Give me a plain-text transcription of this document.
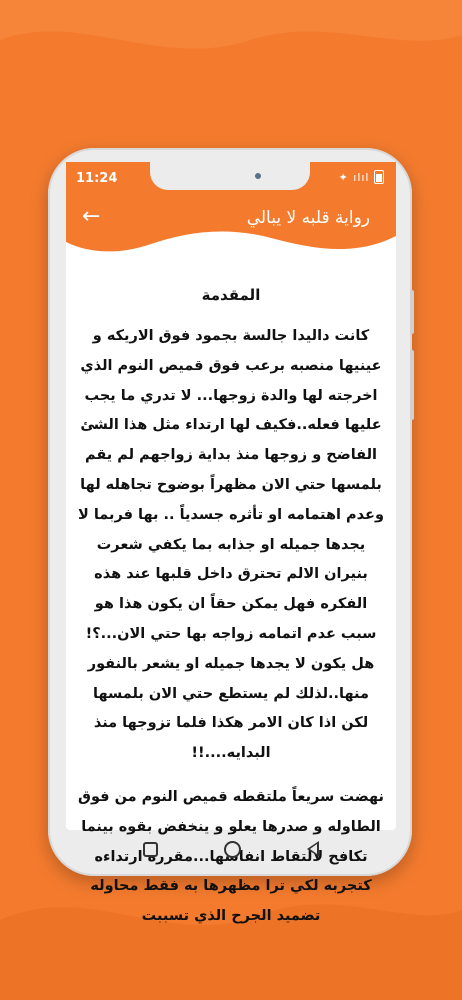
11:24	✦ ılıl
←	رواية قلبه لا يبالي
المقدمة

كانت داليدا جالسة بجمود فوق الاريكه و عينيها منصبه برعب فوق قميص النوم الذي اخرجته لها والدة زوجها... لا تدري ما يجب عليها فعله..فكيف لها ارتداء مثل هذا الشئ الفاضح و زوجها منذ بداية زواجهم لم يقم بلمسها حتي الان مظهراً بوضوح تجاهله لها وعدم اهتمامه او تأثره جسدياً .. بها فربما لا يجدها جميله او جذابه بما يكفي شعرت بنيران الالم تحترق داخل قلبها عند هذه الفكره فهل يمكن حقاً ان يكون هذا هو سبب عدم اتمامه زواجه بها حتي الان...؟! هل يكون لا يجدها جميله او يشعر بالنفور منها..لذلك لم يستطع حتي الان بلمسها لكن اذا كان الامر هكذا فلما تزوجها منذ البدايه....!!

نهضت سريعاً ملتقطه قميص النوم من فوق الطاوله و صدرها يعلو و ينخفض بقوه بينما تكافح لالتقاط انفاسها...مقرره ارتداءه كتجربه لكي ترا مظهرها به فقط محاوله تضميد الجرح الذي تسببت
